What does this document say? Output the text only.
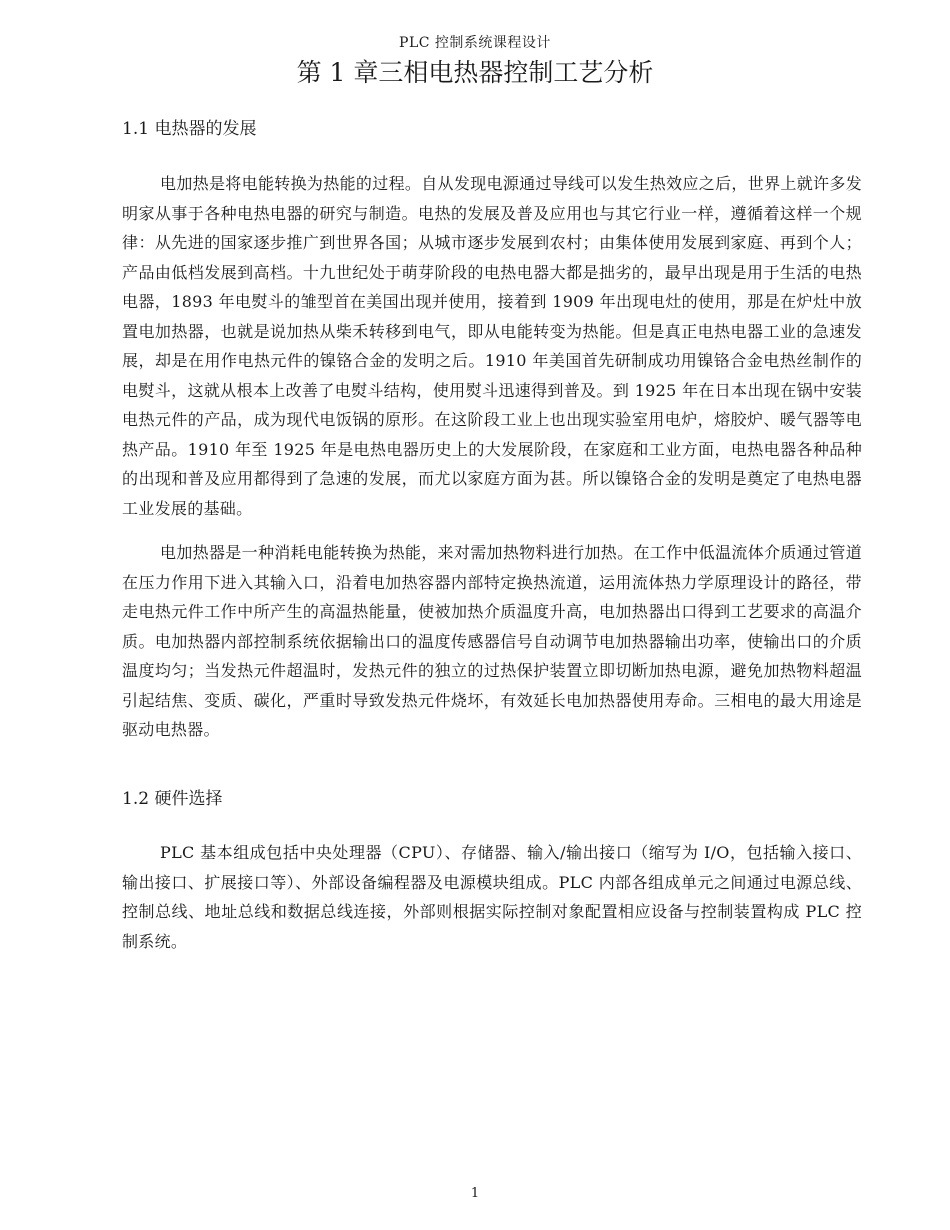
PLC 控制系统课程设计
第 1 章三相电热器控制工艺分析
1.1 电热器的发展

电加热是将电能转换为热能的过程。自从发现电源通过导线可以发生热效应之后，世界上就许多发明家从事于各种电热电器的研究与制造。电热的发展及普及应用也与其它行业一样，遵循着这样一个规律：从先进的国家逐步推广到世界各国；从城市逐步发展到农村；由集体使用发展到家庭、再到个人；产品由低档发展到高档。十九世纪处于萌芽阶段的电热电器大都是拙劣的，最早出现是用于生活的电热电器，1893 年电熨斗的雏型首在美国出现并使用，接着到 1909 年出现电灶的使用，那是在炉灶中放置电加热器，也就是说加热从柴禾转移到电气，即从电能转变为热能。但是真正电热电器工业的急速发展，却是在用作电热元件的镍铬合金的发明之后。1910 年美国首先研制成功用镍铬合金电热丝制作的电熨斗，这就从根本上改善了电熨斗结构，使用熨斗迅速得到普及。到 1925 年在日本出现在锅中安装电热元件的产品，成为现代电饭锅的原形。在这阶段工业上也出现实验室用电炉，熔胶炉、暖气器等电热产品。1910 年至 1925 年是电热电器历史上的大发展阶段，在家庭和工业方面，电热电器各种品种的出现和普及应用都得到了急速的发展，而尤以家庭方面为甚。所以镍铬合金的发明是奠定了电热电器工业发展的基础。

电加热器是一种消耗电能转换为热能，来对需加热物料进行加热。在工作中低温流体介质通过管道在压力作用下进入其输入口，沿着电加热容器内部特定换热流道，运用流体热力学原理设计的路径，带走电热元件工作中所产生的高温热能量，使被加热介质温度升高，电加热器出口得到工艺要求的高温介质。电加热器内部控制系统依据输出口的温度传感器信号自动调节电加热器输出功率，使输出口的介质温度均匀；当发热元件超温时，发热元件的独立的过热保护装置立即切断加热电源，避免加热物料超温引起结焦、变质、碳化，严重时导致发热元件烧坏，有效延长电加热器使用寿命。三相电的最大用途是驱动电热器。

1.2 硬件选择

PLC 基本组成包括中央处理器（CPU）、存储器、输入/输出接口（缩写为 I/O，包括输入接口、输出接口、扩展接口等）、外部设备编程器及电源模块组成。PLC 内部各组成单元之间通过电源总线、控制总线、地址总线和数据总线连接，外部则根据实际控制对象配置相应设备与控制装置构成 PLC 控制系统。

1
